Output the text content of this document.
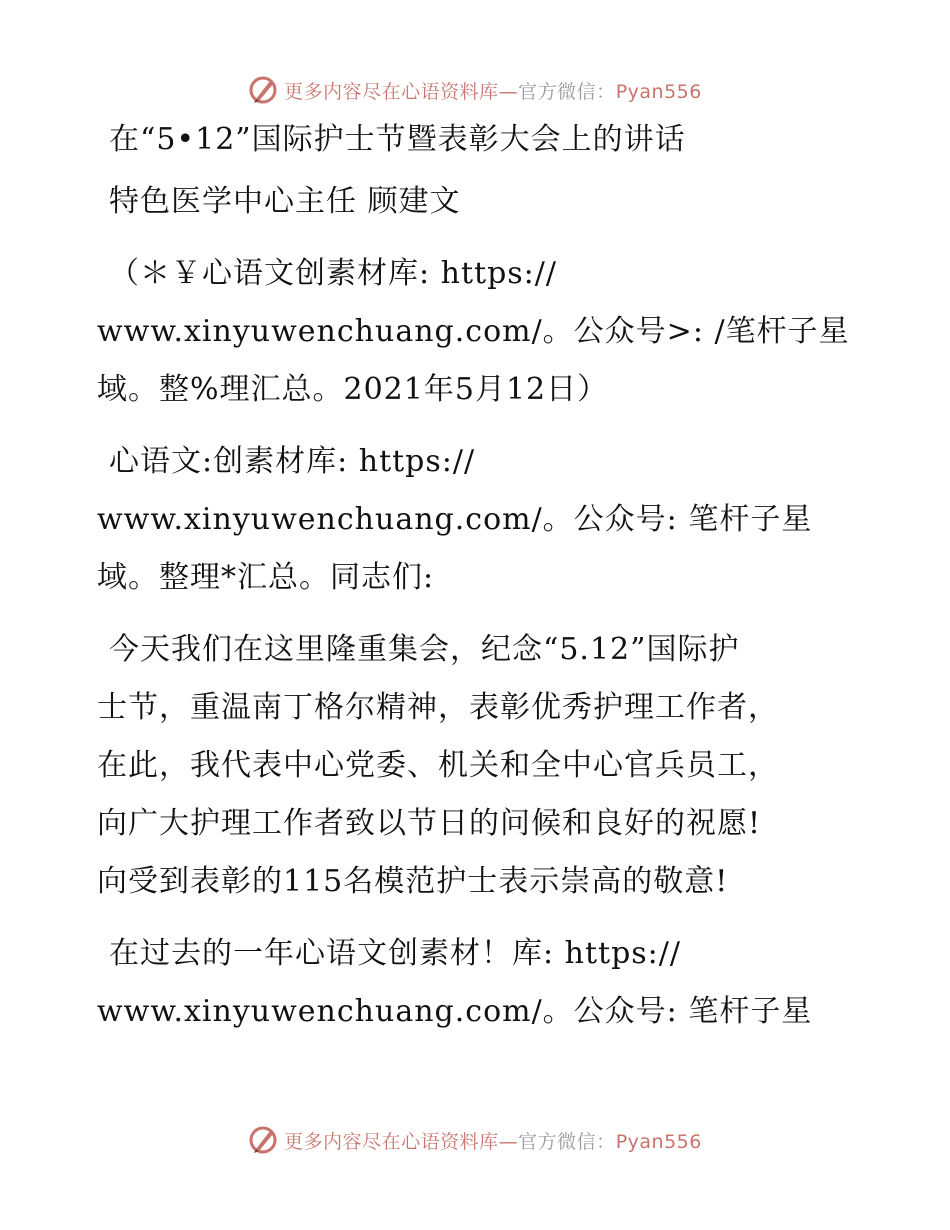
更多内容尽在心语资料库—官方微信：Pyan556

在“5•12”国际护士节暨表彰大会上的讲话

特色医学中心主任 顾建文

（＊￥心语文创素材库: https://

www.xinyuwenchuang.com/。公众号>: /笔杆子星

域。整%理汇总。2021年5月12日）

心语文:创素材库: https://

www.xinyuwenchuang.com/。公众号: 笔杆子星

域。整理*汇总。同志们:

今天我们在这里隆重集会，纪念“5.12”国际护

士节，重温南丁格尔精神，表彰优秀护理工作者，

在此，我代表中心党委、机关和全中心官兵员工，

向广大护理工作者致以节日的问候和良好的祝愿!

向受到表彰的115名模范护士表示崇高的敬意!

在过去的一年心语文创素材！库: https://

www.xinyuwenchuang.com/。公众号: 笔杆子星

更多内容尽在心语资料库—官方微信：Pyan556
